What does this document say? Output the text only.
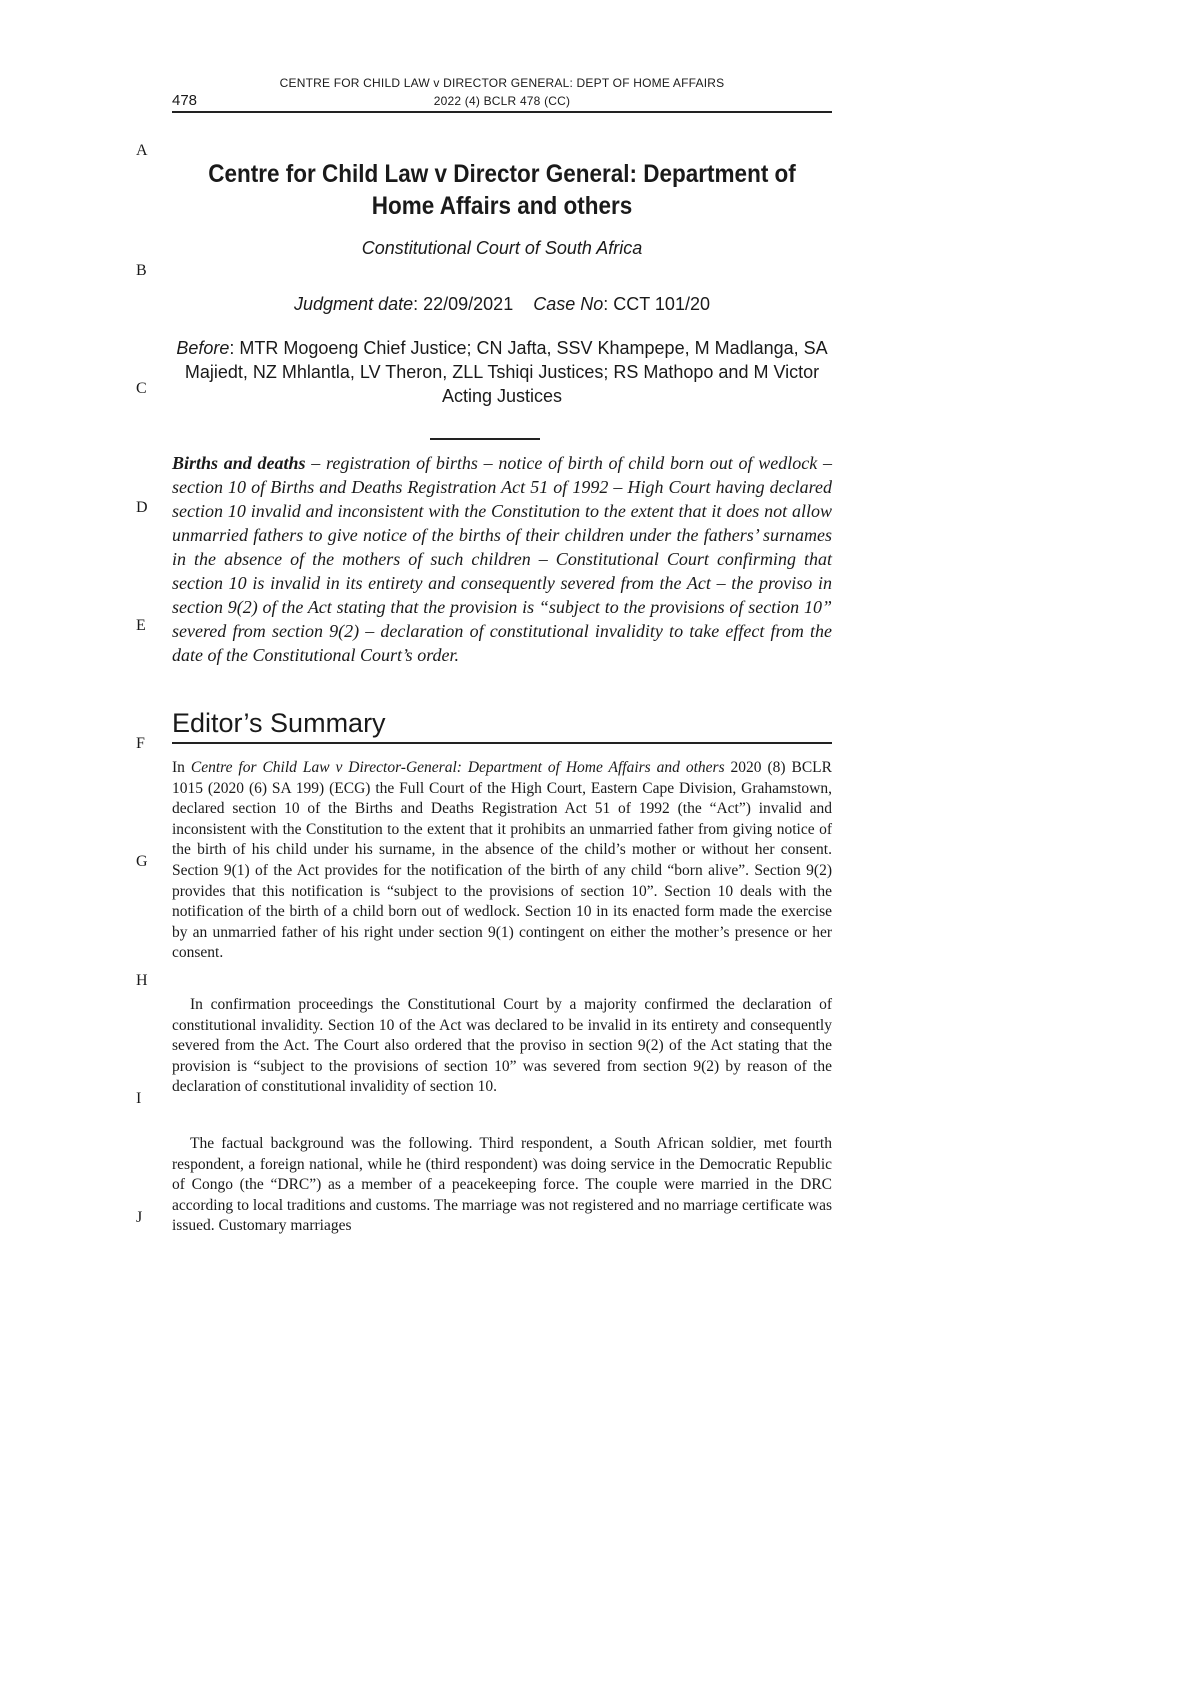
478
CENTRE FOR CHILD LAW v DIRECTOR GENERAL: DEPT OF HOME AFFAIRS
2022 (4) BCLR 478 (CC)
A
B
C
D
E
F
G
H
I
J
Centre for Child Law v Director General: Department of Home Affairs and others
Constitutional Court of South Africa
Judgment date: 22/09/2021 Case No: CCT 101/20
Before: MTR Mogoeng Chief Justice; CN Jafta, SSV Khampepe, M Madlanga, SA Majiedt, NZ Mhlantla, LV Theron, ZLL Tshiqi Justices; RS Mathopo and M Victor Acting Justices
Births and deaths – registration of births – notice of birth of child born out of wedlock – section 10 of Births and Deaths Registration Act 51 of 1992 – High Court having declared section 10 invalid and inconsistent with the Constitution to the extent that it does not allow unmarried fathers to give notice of the births of their children under the fathers’ surnames in the absence of the mothers of such children – Constitutional Court confirming that section 10 is invalid in its entirety and consequently severed from the Act – the proviso in section 9(2) of the Act stating that the provision is “subject to the provisions of section 10” severed from section 9(2) – declaration of constitutional invalidity to take effect from the date of the Constitutional Court’s order.
Editor’s Summary
In Centre for Child Law v Director-General: Department of Home Affairs and others 2020 (8) BCLR 1015 (2020 (6) SA 199) (ECG) the Full Court of the High Court, Eastern Cape Division, Grahamstown, declared section 10 of the Births and Deaths Registration Act 51 of 1992 (the “Act”) invalid and inconsistent with the Constitution to the extent that it prohibits an unmarried father from giving notice of the birth of his child under his surname, in the absence of the child’s mother or without her consent. Section 9(1) of the Act provides for the notification of the birth of any child “born alive”. Section 9(2) provides that this notification is “subject to the provisions of section 10”. Section 10 deals with the notification of the birth of a child born out of wedlock. Section 10 in its enacted form made the exercise by an unmarried father of his right under section 9(1) contingent on either the mother’s presence or her consent.
In confirmation proceedings the Constitutional Court by a majority confirmed the declaration of constitutional invalidity. Section 10 of the Act was declared to be invalid in its entirety and consequently severed from the Act. The Court also ordered that the proviso in section 9(2) of the Act stating that the provision is “subject to the provisions of section 10” was severed from section 9(2) by reason of the declaration of constitutional invalidity of section 10.
The factual background was the following. Third respondent, a South African soldier, met fourth respondent, a foreign national, while he (third respondent) was doing service in the Democratic Republic of Congo (the “DRC”) as a member of a peacekeeping force. The couple were married in the DRC according to local traditions and customs. The marriage was not registered and no marriage certificate was issued. Customary marriages
